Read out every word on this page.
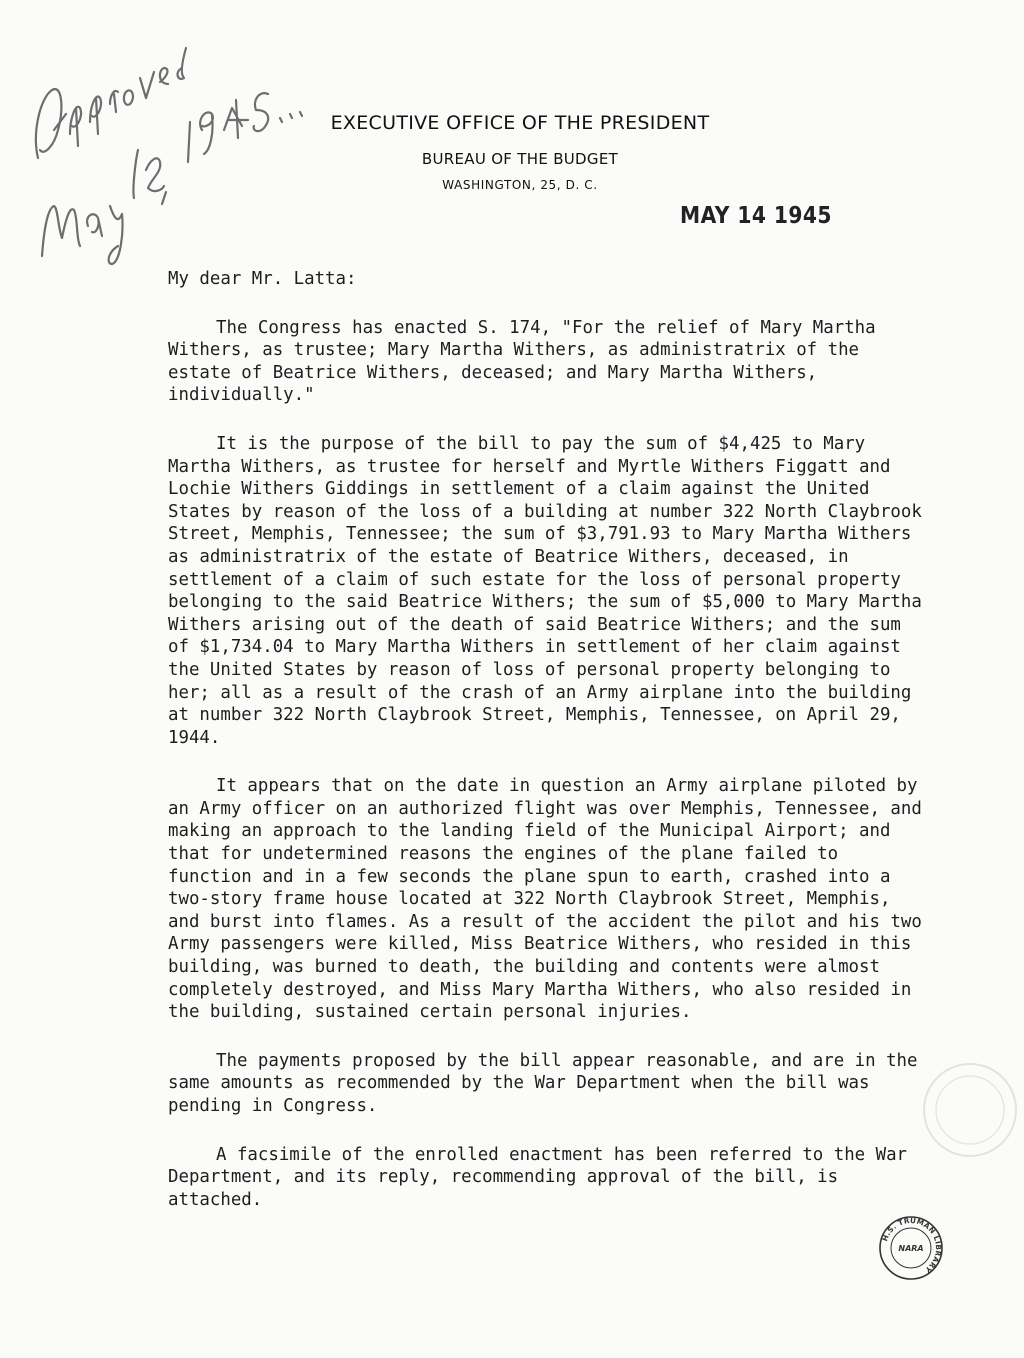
EXECUTIVE OFFICE OF THE PRESIDENT
BUREAU OF THE BUDGET
WASHINGTON, 25, D. C.
MAY 14 1945

My dear Mr. Latta:

The Congress has enacted S. 174, "For the relief of Mary Martha Withers, as trustee; Mary Martha Withers, as administratrix of the estate of Beatrice Withers, deceased; and Mary Martha Withers, individually."

It is the purpose of the bill to pay the sum of $4,425 to Mary Martha Withers, as trustee for herself and Myrtle Withers Figgatt and Lochie Withers Giddings in settlement of a claim against the United States by reason of the loss of a building at number 322 North Claybrook Street, Memphis, Tennessee; the sum of $3,791.93 to Mary Martha Withers as administratrix of the estate of Beatrice Withers, deceased, in settlement of a claim of such estate for the loss of personal property belonging to the said Beatrice Withers; the sum of $5,000 to Mary Martha Withers arising out of the death of said Beatrice Withers; and the sum of $1,734.04 to Mary Martha Withers in settlement of her claim against the United States by reason of loss of personal property belonging to her; all as a result of the crash of an Army airplane into the building at number 322 North Claybrook Street, Memphis, Tennessee, on April 29, 1944.

It appears that on the date in question an Army airplane piloted by an Army officer on an authorized flight was over Memphis, Tennessee, and making an approach to the landing field of the Municipal Airport; and that for undetermined reasons the engines of the plane failed to function and in a few seconds the plane spun to earth, crashed into a two-story frame house located at 322 North Claybrook Street, Memphis, and burst into flames. As a result of the accident the pilot and his two Army passengers were killed, Miss Beatrice Withers, who resided in this building, was burned to death, the building and contents were almost completely destroyed, and Miss Mary Martha Withers, who also resided in the building, sustained certain personal injuries.

The payments proposed by the bill appear reasonable, and are in the same amounts as recommended by the War Department when the bill was pending in Congress.

A facsimile of the enrolled enactment has been referred to the War Department, and its reply, recommending approval of the bill, is attached.

H.S. TRUMAN LIBRARY
NARA
